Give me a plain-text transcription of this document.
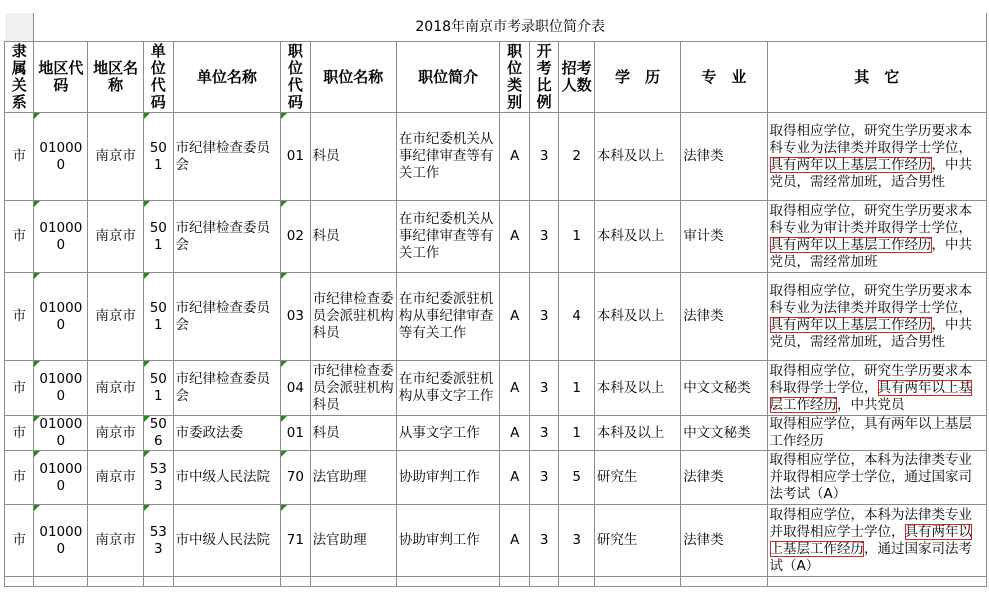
	2018年南京市考录职位简介表												
隶属关系	地区代码	地区名称	单位代码	单位名称	职位代码	职位名称	职位简介	职位类别	开考比例	招考人数	学　历	专　业	其　它
市	010000	南京市	501	市纪律检查委员会	01	科员	在市纪委机关从事纪律审查等有关工作	A	3	2	本科及以上	法律类	取得相应学位，研究生学历要求本科专业为法律类并取得学士学位，具有两年以上基层工作经历，中共党员，需经常加班，适合男性
市	010000	南京市	501	市纪律检查委员会	02	科员	在市纪委机关从事纪律审查等有关工作	A	3	1	本科及以上	审计类	取得相应学位，研究生学历要求本科专业为审计类并取得学士学位，具有两年以上基层工作经历，中共党员，需经常加班
市	010000	南京市	501	市纪律检查委员会	03	市纪律检查委员会派驻机构科员	在市纪委派驻机构从事纪律审查等有关工作	A	3	4	本科及以上	法律类	取得相应学位，研究生学历要求本科专业为法律类并取得学士学位，具有两年以上基层工作经历，中共党员，需经常加班，适合男性
市	010000	南京市	501	市纪律检查委员会	04	市纪律检查委员会派驻机构科员	在市纪委派驻机构从事文字工作	A	3	1	本科及以上	中文文秘类	取得相应学位，研究生学历要求本科取得学士学位，具有两年以上基层工作经历，中共党员
市	010000	南京市	506	市委政法委	01	科员	从事文字工作	A	3	1	本科及以上	中文文秘类	取得相应学位，具有两年以上基层工作经历
市	010000	南京市	533	市中级人民法院	70	法官助理	协助审判工作	A	3	5	研究生	法律类	取得相应学位，本科为法律类专业并取得相应学士学位，通过国家司法考试（A）
市	010000	南京市	533	市中级人民法院	71	法官助理	协助审判工作	A	3	3	研究生	法律类	取得相应学位，本科为法律类专业并取得相应学士学位，具有两年以上基层工作经历，通过国家司法考试（A）
